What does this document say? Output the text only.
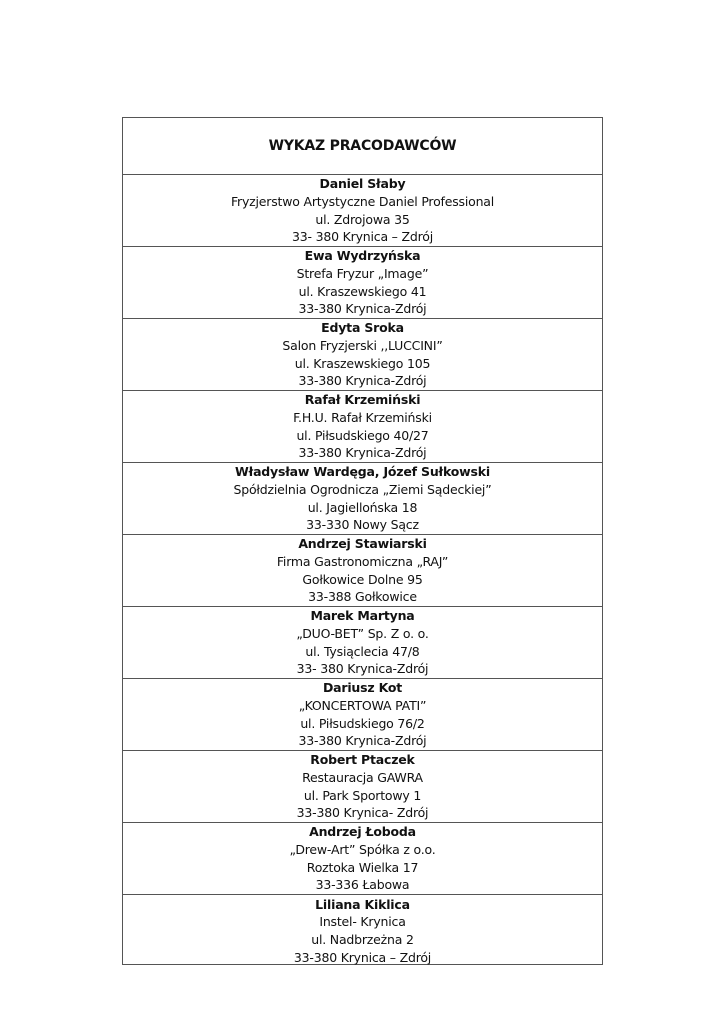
WYKAZ PRACODAWCÓW
Daniel Słaby
Fryzjerstwo Artystyczne Daniel Professional
ul. Zdrojowa 35
33- 380 Krynica – Zdrój
Ewa Wydrzyńska
Strefa Fryzur „Image”
ul. Kraszewskiego 41
33-380 Krynica-Zdrój
Edyta Sroka
Salon Fryzjerski ,,LUCCINI”
ul. Kraszewskiego 105
33-380 Krynica-Zdrój
Rafał Krzemiński
F.H.U. Rafał Krzemiński
ul. Piłsudskiego 40/27
33-380 Krynica-Zdrój
Władysław Wardęga, Józef Sułkowski
Spółdzielnia Ogrodnicza „Ziemi Sądeckiej”
ul. Jagiellońska 18
33-330 Nowy Sącz
Andrzej Stawiarski
Firma Gastronomiczna „RAJ”
Gołkowice Dolne 95
33-388 Gołkowice
Marek Martyna
„DUO-BET” Sp. Z o. o.
ul. Tysiąclecia 47/8
33- 380 Krynica-Zdrój
Dariusz Kot
„KONCERTOWA PATI”
ul. Piłsudskiego 76/2
33-380 Krynica-Zdrój
Robert Ptaczek
Restauracja GAWRA
ul. Park Sportowy 1
33-380 Krynica- Zdrój
Andrzej Łoboda
„Drew-Art” Spółka z o.o.
Roztoka Wielka 17
33-336 Łabowa
Liliana Kiklica
Instel- Krynica
ul. Nadbrzeżna 2
33-380 Krynica – Zdrój
